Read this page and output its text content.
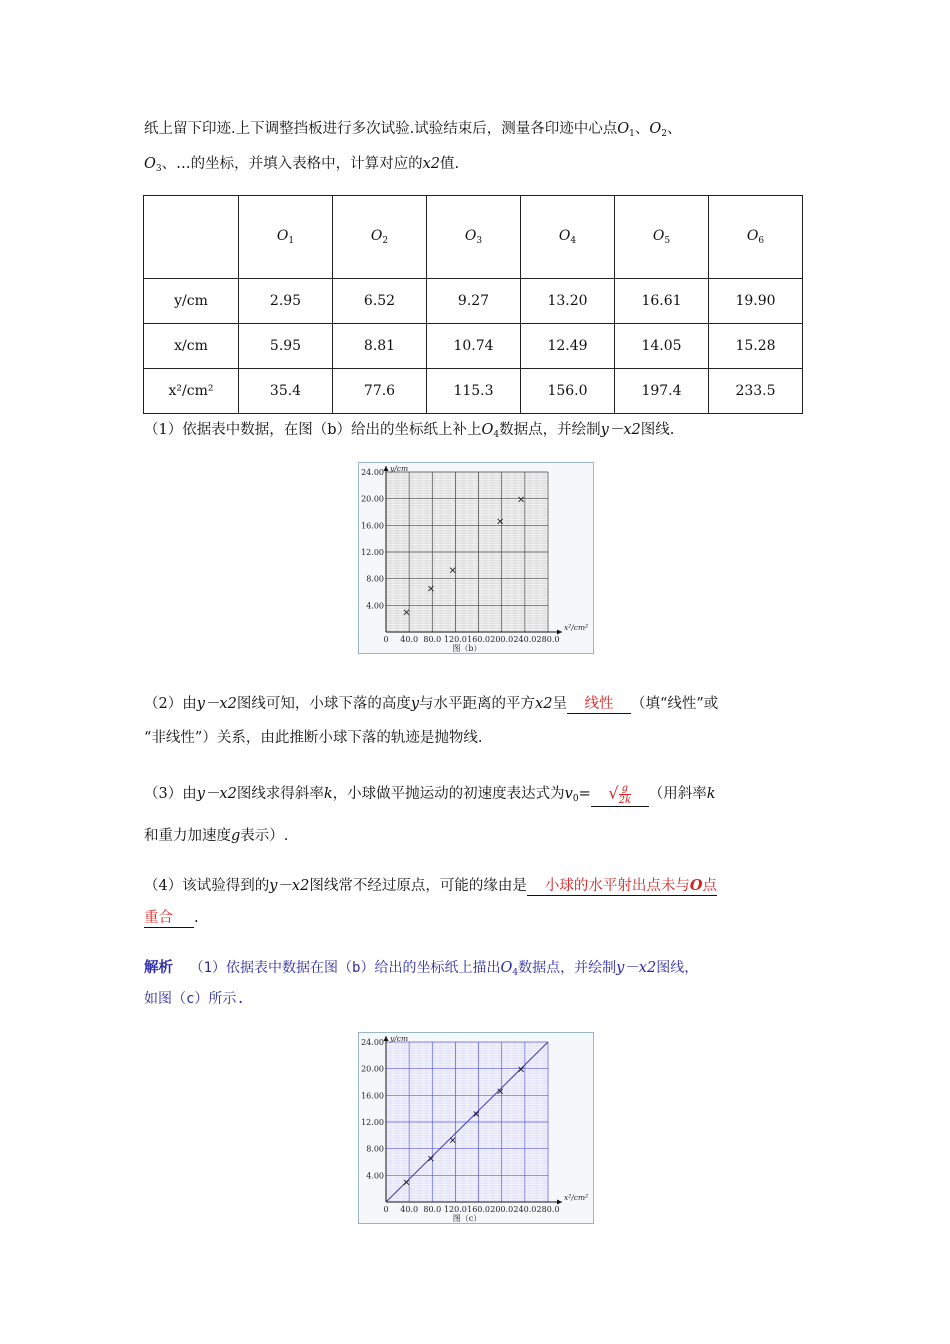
纸上留下印迹.上下调整挡板进行多次试验.试验结束后，测量各印迹中心点$O_1$、$O_2$、
$O_3$、…的坐标，并填入表格中，计算对应的x2值.
	$O_1$	$O_2$	$O_3$	$O_4$	$O_5$	$O_6$
y/cm	2.95	6.52	9.27	13.20	16.61	19.90
x/cm	5.95	8.81	10.74	12.49	14.05	15.28
x²/cm²	35.4	77.6	115.3	156.0	197.4	233.5
（1）依据表中数据，在图（b）给出的坐标纸上补上$O_4$数据点，并绘制y－x2图线.
0 40.0 80.0 120.0 160.0 200.0 240.0 280.0
4.00
8.00
12.00
16.00
20.00
24.00 y/cm
x²/cm²
图（b）
（2）由y－x2图线可知，小球下落的高度y与水平距离的平方x2呈 线性 （填“线性”或
“非线性”）关系，由此推断小球下落的轨迹是抛物线.
（3）由y－x2图线求得斜率k，小球做平抛运动的初速度表达式为$v_0=$ √ $\frac{g}{2k}$ （用斜率k
和重力加速度g表示）.
（4）该试验得到的y－x2图线常不经过原点，可能的缘由是 小球的水平射出点未与O点
重合 .
解析 （1）依据表中数据在图（b）给出的坐标纸上描出$O_4$数据点，并绘制y－x2图线，
如图（c）所示.
0 40.0 80.0 120.0 160.0 200.0 240.0 280.0
4.00
8.00
12.00
16.00
20.00
24.00 y/cm
x²/cm²
图（c）
